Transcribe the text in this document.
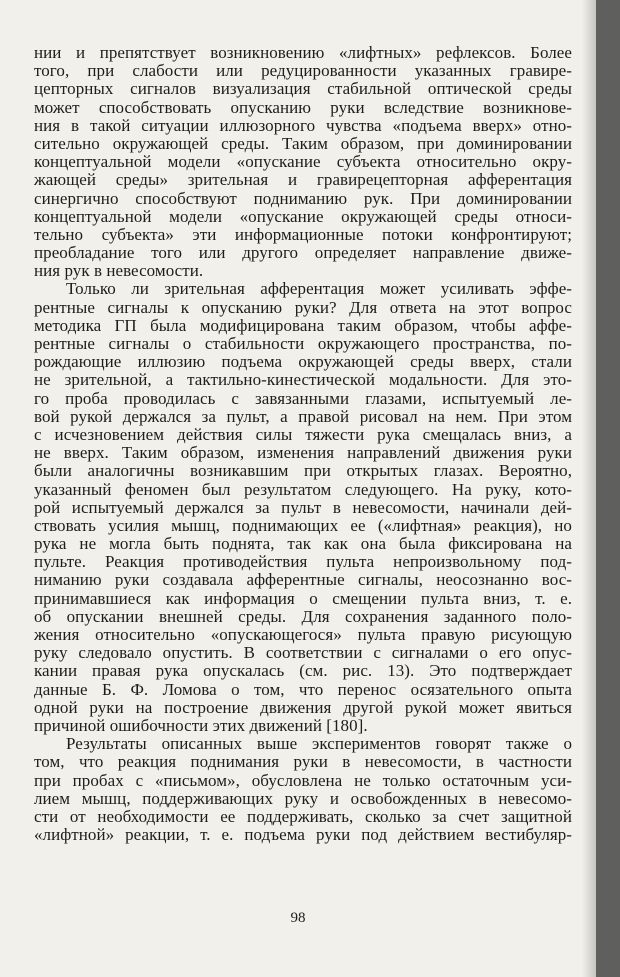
нии и препятствует возникновению «лифтных» рефлексов. Более
того, при слабости или редуцированности указанных гравире-
цепторных сигналов визуализация стабильной оптической среды
может способствовать опусканию руки вследствие возникнове-
ния в такой ситуации иллюзорного чувства «подъема вверх» отно-
сительно окружающей среды. Таким образом, при доминировании
концептуальной модели «опускание субъекта относительно окру-
жающей среды» зрительная и гравирецепторная афферентация
синергично способствуют подниманию рук. При доминировании
концептуальной модели «опускание окружающей среды относи-
тельно субъекта» эти информационные потоки конфронтируют;
преобладание того или другого определяет направление движе-
ния рук в невесомости.
Только ли зрительная афферентация может усиливать эффе-
рентные сигналы к опусканию руки? Для ответа на этот вопрос
методика ГП была модифицирована таким образом, чтобы аффе-
рентные сигналы о стабильности окружающего пространства, по-
рождающие иллюзию подъема окружающей среды вверх, стали
не зрительной, а тактильно-кинестической модальности. Для это-
го проба проводилась с завязанными глазами, испытуемый ле-
вой рукой держался за пульт, а правой рисовал на нем. При этом
с исчезновением действия силы тяжести рука смещалась вниз, а
не вверх. Таким образом, изменения направлений движения руки
были аналогичны возникавшим при открытых глазах. Вероятно,
указанный феномен был результатом следующего. На руку, кото-
рой испытуемый держался за пульт в невесомости, начинали дей-
ствовать усилия мышц, поднимающих ее («лифтная» реакция), но
рука не могла быть поднята, так как она была фиксирована на
пульте. Реакция противодействия пульта непроизвольному под-
ниманию руки создавала афферентные сигналы, неосознанно вос-
принимавшиеся как информация о смещении пульта вниз, т. е.
об опускании внешней среды. Для сохранения заданного поло-
жения относительно «опускающегося» пульта правую рисующую
руку следовало опустить. В соответствии с сигналами о его опус-
кании правая рука опускалась (см. рис. 13). Это подтверждает
данные Б. Ф. Ломова о том, что перенос осязательного опыта
одной руки на построение движения другой рукой может явиться
причиной ошибочности этих движений [180].
Результаты описанных выше экспериментов говорят также о
том, что реакция поднимания руки в невесомости, в частности
при пробах с «письмом», обусловлена не только остаточным уси-
лием мышц, поддерживающих руку и освобожденных в невесомо-
сти от необходимости ее поддерживать, сколько за счет защитной
«лифтной» реакции, т. е. подъема руки под действием вестибуляр-
98
